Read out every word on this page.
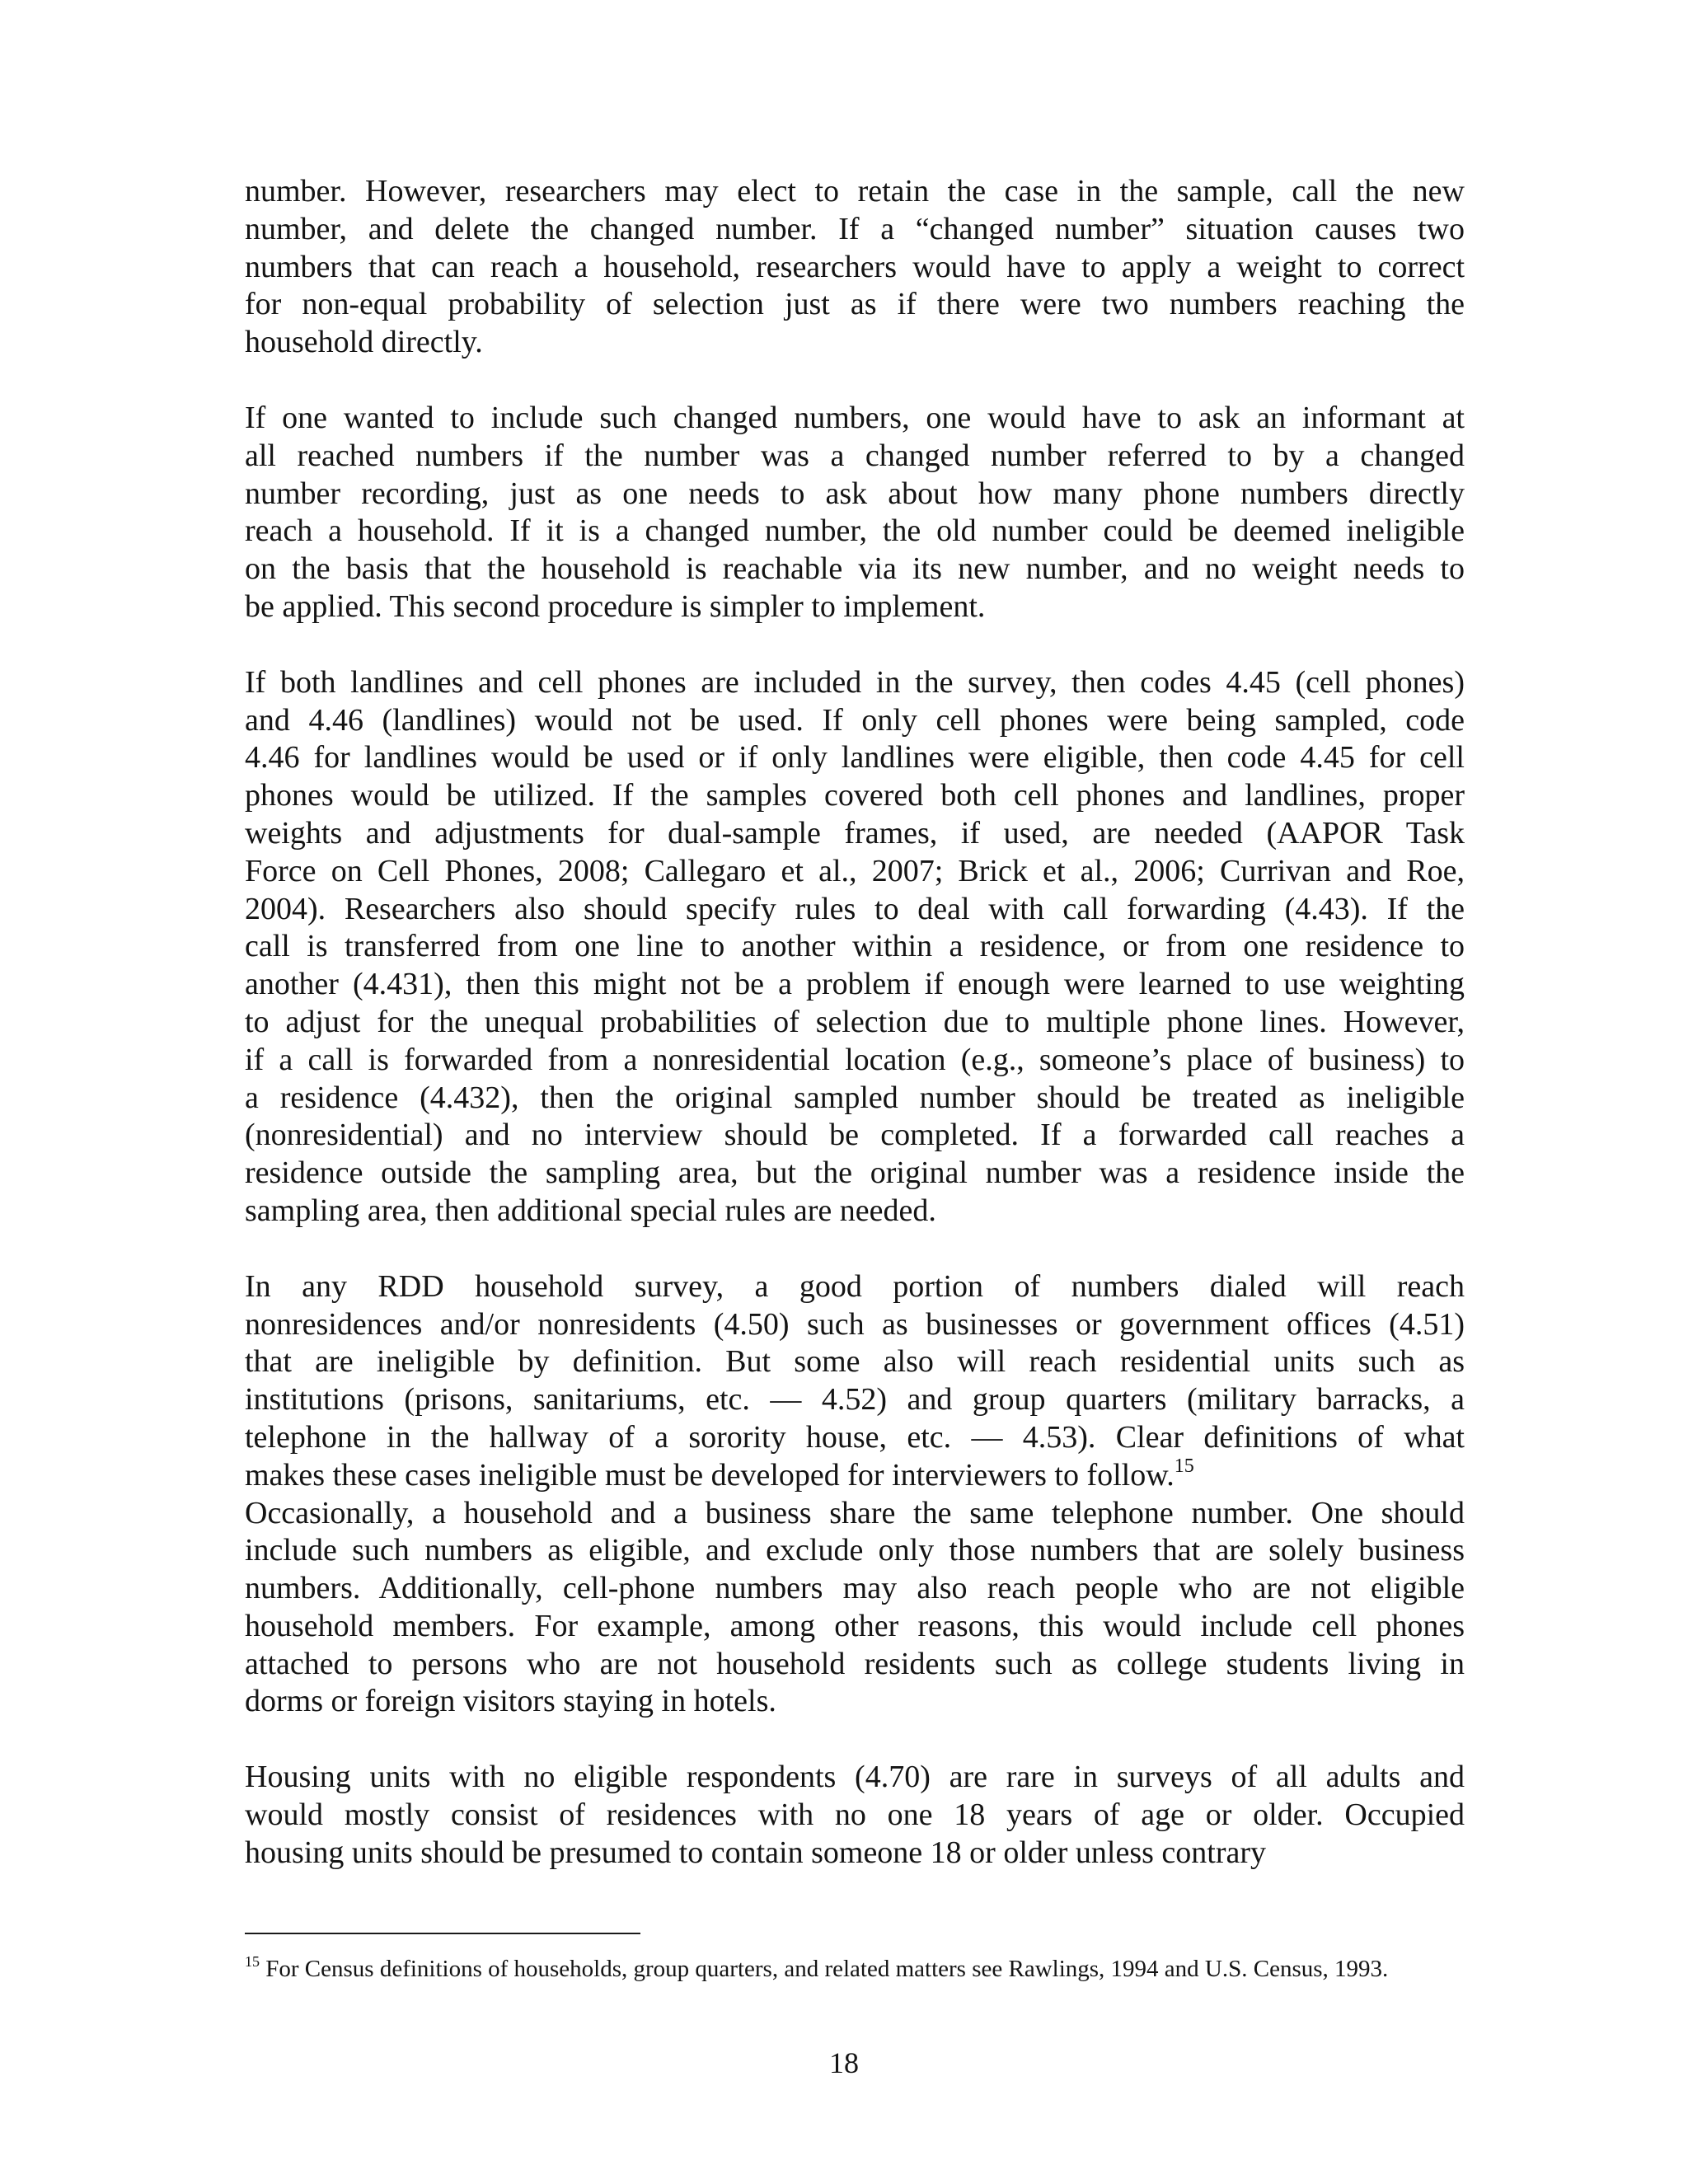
number. However, researchers may elect to retain the case in the sample, call the new
number, and delete the changed number. If a “changed number” situation causes two
numbers that can reach a household, researchers would have to apply a weight to correct
for non-equal probability of selection just as if there were two numbers reaching the
household directly.
If one wanted to include such changed numbers, one would have to ask an informant at
all reached numbers if the number was a changed number referred to by a changed
number recording, just as one needs to ask about how many phone numbers directly
reach a household. If it is a changed number, the old number could be deemed ineligible
on the basis that the household is reachable via its new number, and no weight needs to
be applied. This second procedure is simpler to implement.
If both landlines and cell phones are included in the survey, then codes 4.45 (cell phones)
and 4.46 (landlines) would not be used. If only cell phones were being sampled, code
4.46 for landlines would be used or if only landlines were eligible, then code 4.45 for cell
phones would be utilized. If the samples covered both cell phones and landlines, proper
weights and adjustments for dual-sample frames, if used, are needed (AAPOR Task
Force on Cell Phones, 2008; Callegaro et al., 2007; Brick et al., 2006; Currivan and Roe,
2004). Researchers also should specify rules to deal with call forwarding (4.43). If the
call is transferred from one line to another within a residence, or from one residence to
another (4.431), then this might not be a problem if enough were learned to use weighting
to adjust for the unequal probabilities of selection due to multiple phone lines. However,
if a call is forwarded from a nonresidential location (e.g., someone’s place of business) to
a residence (4.432), then the original sampled number should be treated as ineligible
(nonresidential) and no interview should be completed. If a forwarded call reaches a
residence outside the sampling area, but the original number was a residence inside the
sampling area, then additional special rules are needed.
In any RDD household survey, a good portion of numbers dialed will reach
nonresidences and/or nonresidents (4.50) such as businesses or government offices (4.51)
that are ineligible by definition. But some also will reach residential units such as
institutions (prisons, sanitariums, etc. — 4.52) and group quarters (military barracks, a
telephone in the hallway of a sorority house, etc. — 4.53). Clear definitions of what
makes these cases ineligible must be developed for interviewers to follow.$^{15}$
Occasionally, a household and a business share the same telephone number. One should
include such numbers as eligible, and exclude only those numbers that are solely business
numbers. Additionally, cell-phone numbers may also reach people who are not eligible
household members. For example, among other reasons, this would include cell phones
attached to persons who are not household residents such as college students living in
dorms or foreign visitors staying in hotels.
Housing units with no eligible respondents (4.70) are rare in surveys of all adults and
would mostly consist of residences with no one 18 years of age or older. Occupied
housing units should be presumed to contain someone 18 or older unless contrary
$^{15}$ For Census definitions of households, group quarters, and related matters see Rawlings, 1994 and U.S. Census, 1993.
18
